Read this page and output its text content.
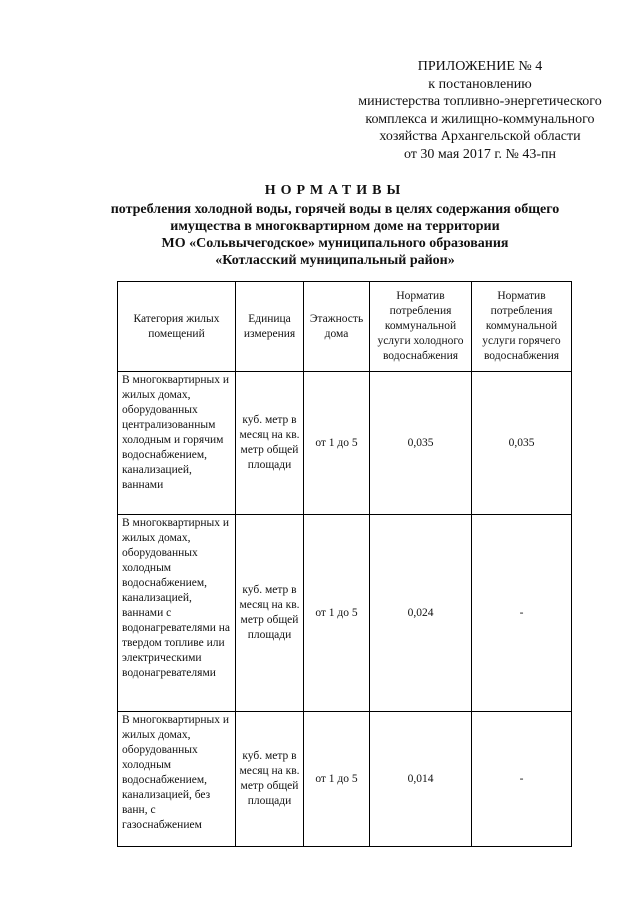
ПРИЛОЖЕНИЕ № 4
к постановлению
министерства топливно-энергетического
комплекса и жилищно-коммунального
хозяйства Архангельской области
от 30 мая 2017 г. № 43-пн
НОРМАТИВЫ
потребления холодной воды, горячей воды в целях содержания общего
имущества в многоквартирном доме на территории
МО «Сольвычегодское» муниципального образования
«Котласский муниципальный район»
Категория жилых помещений	Единица измерения	Этажность дома	Норматив потребления коммунальной услуги холодного водоснабжения	Норматив потребления коммунальной услуги горячего водоснабжения
В многоквартирных и жилых домах, оборудованных централизованным холодным и горячим водоснабжением, канализацией, ваннами	куб. метр в месяц на кв. метр общей площади	от 1 до 5	0,035	0,035
В многоквартирных и жилых домах, оборудованных холодным водоснабжением, канализацией, ваннами с водонагревателями на твердом топливе или электрическими водонагревателями	куб. метр в месяц на кв. метр общей площади	от 1 до 5	0,024	-
В многоквартирных и жилых домах, оборудованных холодным водоснабжением, канализацией, без ванн, с газоснабжением	куб. метр в месяц на кв. метр общей площади	от 1 до 5	0,014	-
